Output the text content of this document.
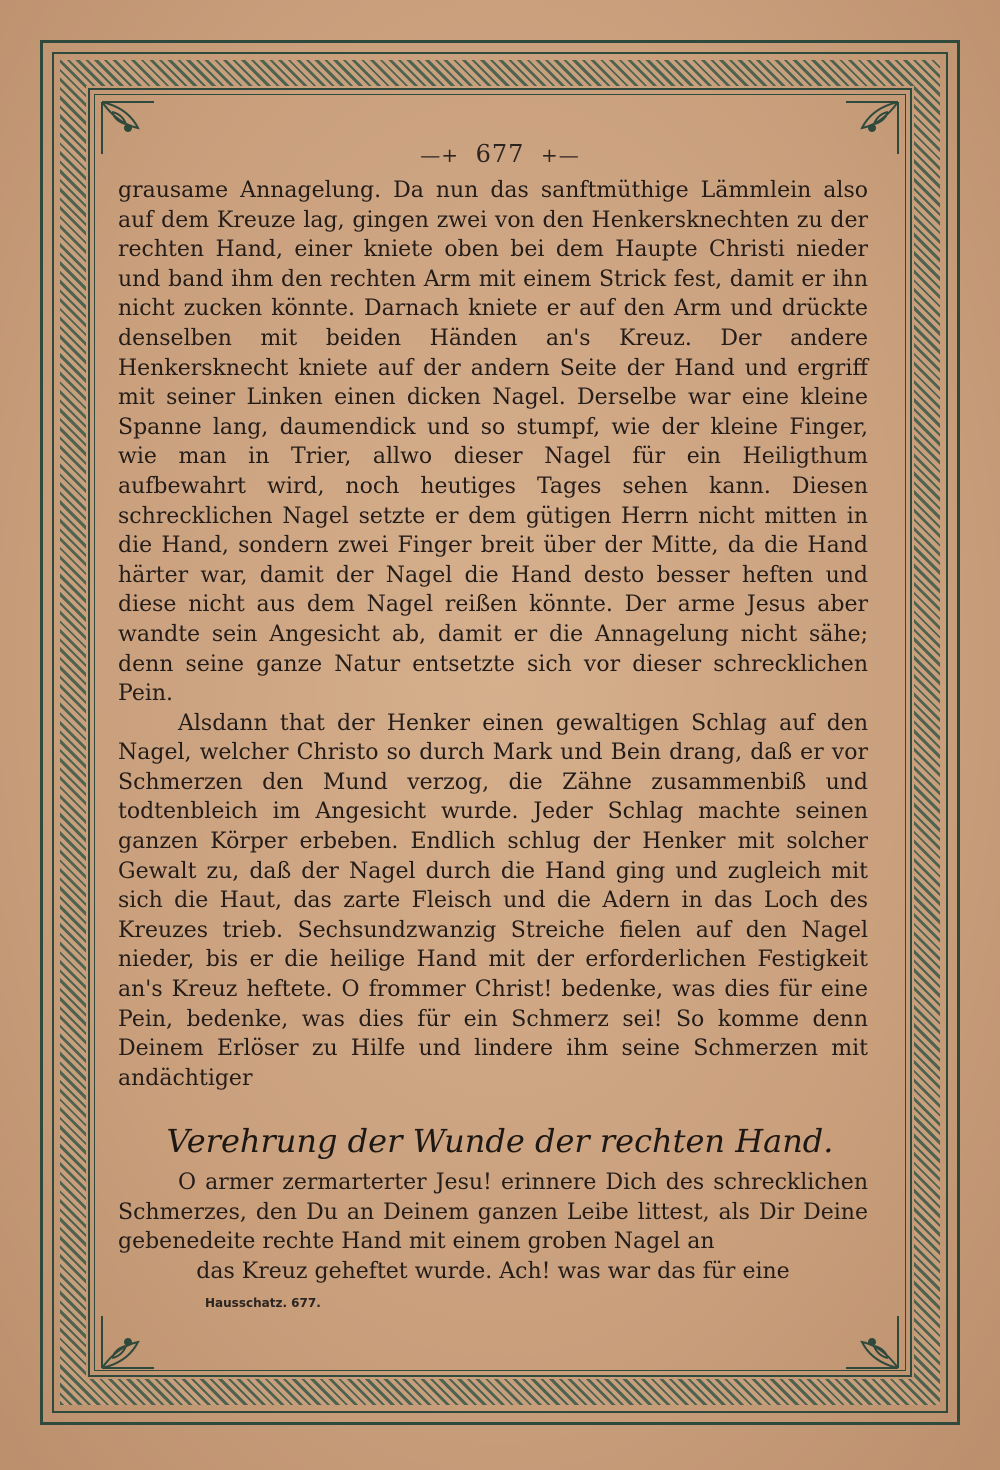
—+ 677 +—

grausame Annagelung. Da nun das sanftmüthige Lämmlein also auf dem Kreuze lag, gingen zwei von den Henkersknechten zu der rechten Hand, einer kniete oben bei dem Haupte Christi nieder und band ihm den rechten Arm mit einem Strick fest, damit er ihn nicht zucken könnte. Darnach kniete er auf den Arm und drückte denselben mit beiden Händen an's Kreuz. Der andere Henkersknecht kniete auf der andern Seite der Hand und ergriff mit seiner Linken einen dicken Nagel. Derselbe war eine kleine Spanne lang, daumendick und so stumpf, wie der kleine Finger, wie man in Trier, allwo dieser Nagel für ein Heiligthum aufbewahrt wird, noch heutiges Tages sehen kann. Diesen schrecklichen Nagel setzte er dem gütigen Herrn nicht mitten in die Hand, sondern zwei Finger breit über der Mitte, da die Hand härter war, damit der Nagel die Hand desto besser heften und diese nicht aus dem Nagel reißen könnte. Der arme Jesus aber wandte sein Angesicht ab, damit er die Annagelung nicht sähe; denn seine ganze Natur entsetzte sich vor dieser schrecklichen Pein.

Alsdann that der Henker einen gewaltigen Schlag auf den Nagel, welcher Christo so durch Mark und Bein drang, daß er vor Schmerzen den Mund verzog, die Zähne zusammenbiß und todtenbleich im Angesicht wurde. Jeder Schlag machte seinen ganzen Körper erbeben. Endlich schlug der Henker mit solcher Gewalt zu, daß der Nagel durch die Hand ging und zugleich mit sich die Haut, das zarte Fleisch und die Adern in das Loch des Kreuzes trieb. Sechsundzwanzig Streiche fielen auf den Nagel nieder, bis er die heilige Hand mit der erforderlichen Festigkeit an's Kreuz heftete. O frommer Christ! bedenke, was dies für eine Pein, bedenke, was dies für ein Schmerz sei! So komme denn Deinem Erlöser zu Hilfe und lindere ihm seine Schmerzen mit andächtiger

Verehrung der Wunde der rechten Hand.

O armer zermarterter Jesu! erinnere Dich des schrecklichen Schmerzes, den Du an Deinem ganzen Leibe littest, als Dir Deine gebenedeite rechte Hand mit einem groben Nagel an

das Kreuz geheftet wurde. Ach! was war das für eine

Hausschatz. 677.
